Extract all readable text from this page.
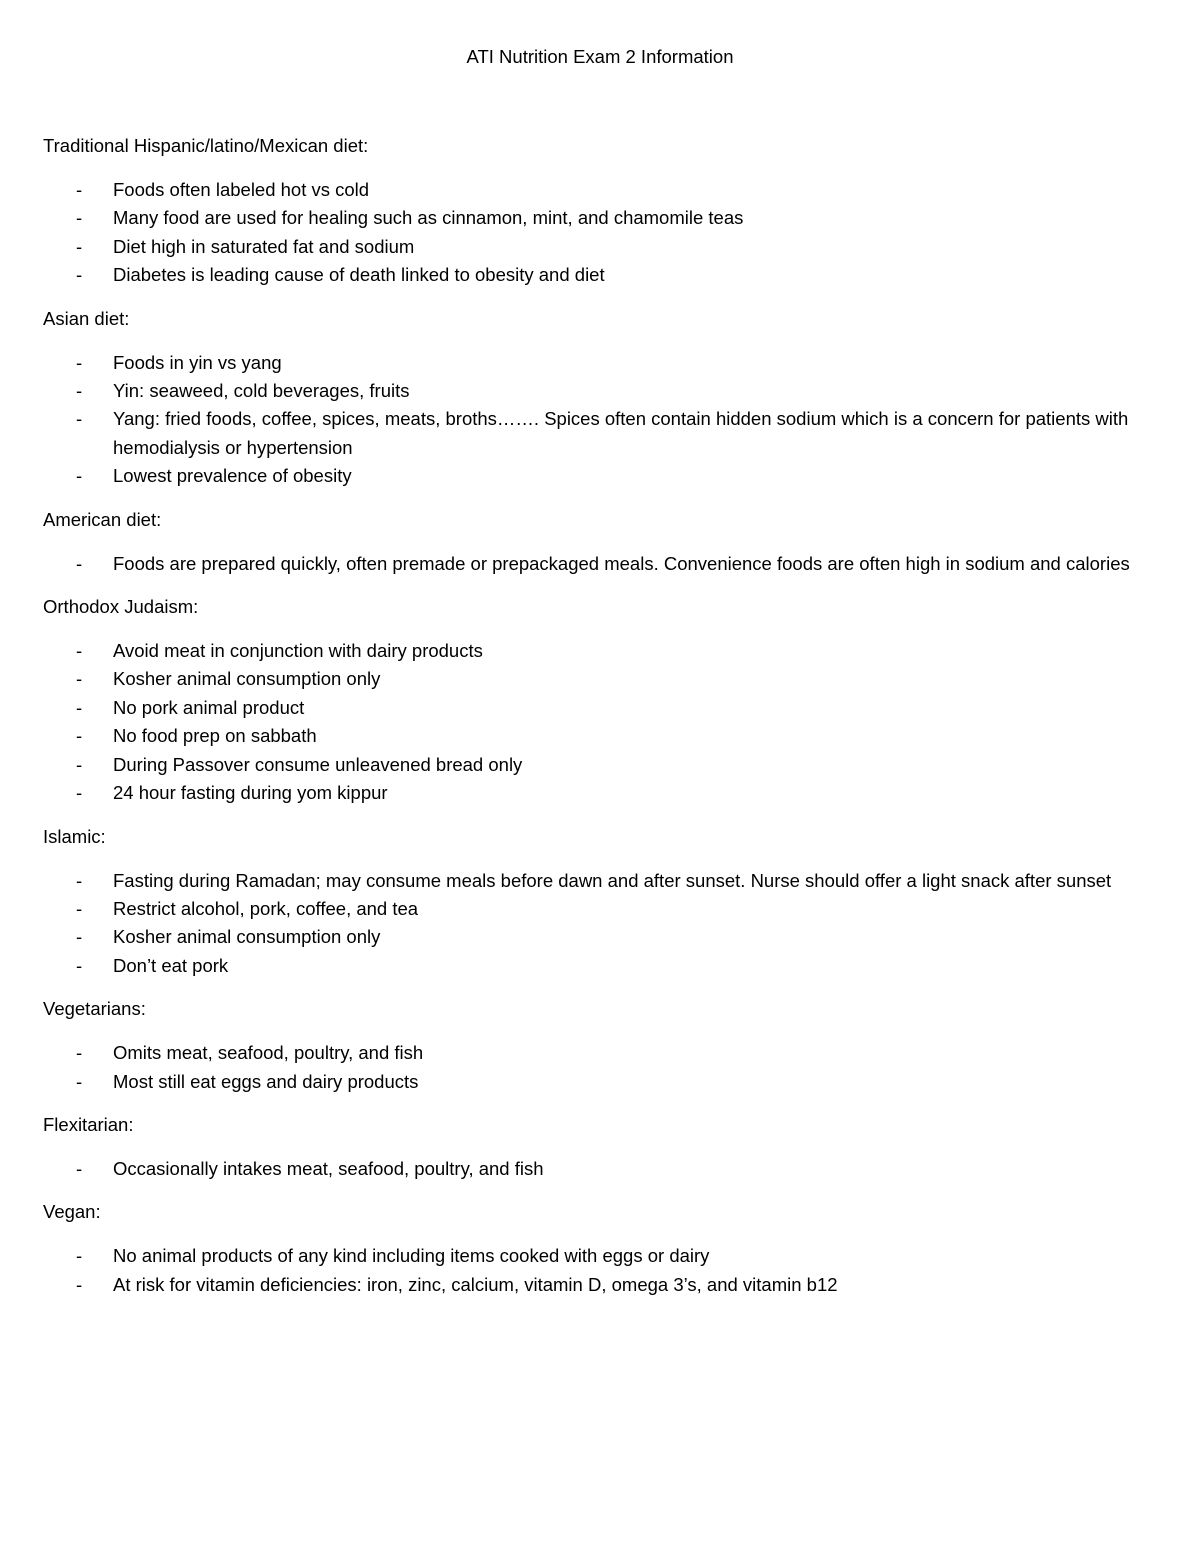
ATI Nutrition Exam 2 Information
Traditional Hispanic/latino/Mexican diet:
- Foods often labeled hot vs cold
- Many food are used for healing such as cinnamon, mint, and chamomile teas
- Diet high in saturated fat and sodium
- Diabetes is leading cause of death linked to obesity and diet
Asian diet:
- Foods in yin vs yang
- Yin: seaweed, cold beverages, fruits
- Yang: fried foods, coffee, spices, meats, broths……. Spices often contain hidden sodium which is a concern for patients with hemodialysis or hypertension
- Lowest prevalence of obesity
American diet:
- Foods are prepared quickly, often premade or prepackaged meals. Convenience foods are often high in sodium and calories
Orthodox Judaism:
- Avoid meat in conjunction with dairy products
- Kosher animal consumption only
- No pork animal product
- No food prep on sabbath
- During Passover consume unleavened bread only
- 24 hour fasting during yom kippur
Islamic:
- Fasting during Ramadan; may consume meals before dawn and after sunset. Nurse should offer a light snack after sunset
- Restrict alcohol, pork, coffee, and tea
- Kosher animal consumption only
- Don’t eat pork
Vegetarians:
- Omits meat, seafood, poultry, and fish
- Most still eat eggs and dairy products
Flexitarian:
- Occasionally intakes meat, seafood, poultry, and fish
Vegan:
- No animal products of any kind including items cooked with eggs or dairy
- At risk for vitamin deficiencies: iron, zinc, calcium, vitamin D, omega 3’s, and vitamin b12
